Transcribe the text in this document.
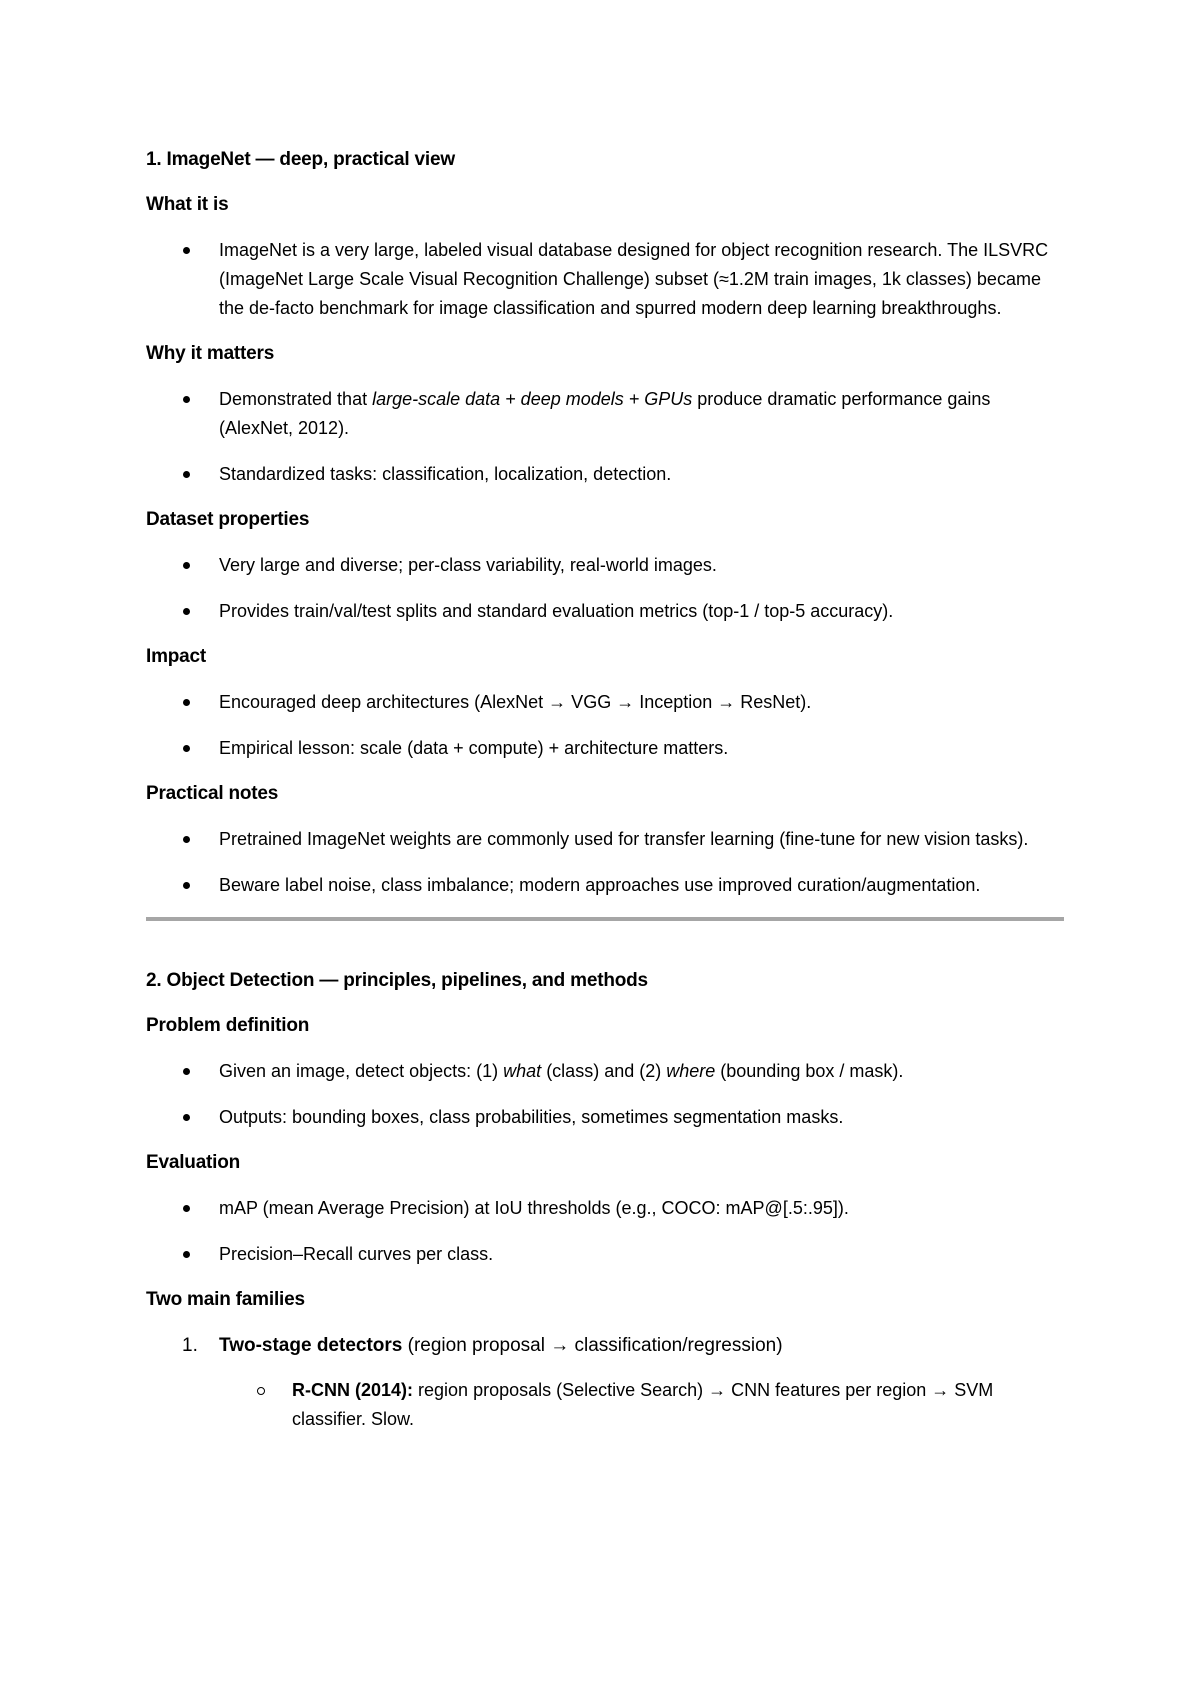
1. ImageNet — deep, practical view
What it is
ImageNet is a very large, labeled visual database designed for object recognition research. The ILSVRC (ImageNet Large Scale Visual Recognition Challenge) subset (≈1.2M train images, 1k classes) became the de-facto benchmark for image classification and spurred modern deep learning breakthroughs.
Why it matters
Demonstrated that large-scale data + deep models + GPUs produce dramatic performance gains (AlexNet, 2012).
Standardized tasks: classification, localization, detection.
Dataset properties
Very large and diverse; per-class variability, real-world images.
Provides train/val/test splits and standard evaluation metrics (top-1 / top-5 accuracy).
Impact
Encouraged deep architectures (AlexNet → VGG → Inception → ResNet).
Empirical lesson: scale (data + compute) + architecture matters.
Practical notes
Pretrained ImageNet weights are commonly used for transfer learning (fine-tune for new vision tasks).
Beware label noise, class imbalance; modern approaches use improved curation/augmentation.
2. Object Detection — principles, pipelines, and methods
Problem definition
Given an image, detect objects: (1) what (class) and (2) where (bounding box / mask).
Outputs: bounding boxes, class probabilities, sometimes segmentation masks.
Evaluation
mAP (mean Average Precision) at IoU thresholds (e.g., COCO: mAP@[.5:.95]).
Precision–Recall curves per class.
Two main families
1. Two-stage detectors (region proposal → classification/regression)
R-CNN (2014): region proposals (Selective Search) → CNN features per region → SVM classifier. Slow.
